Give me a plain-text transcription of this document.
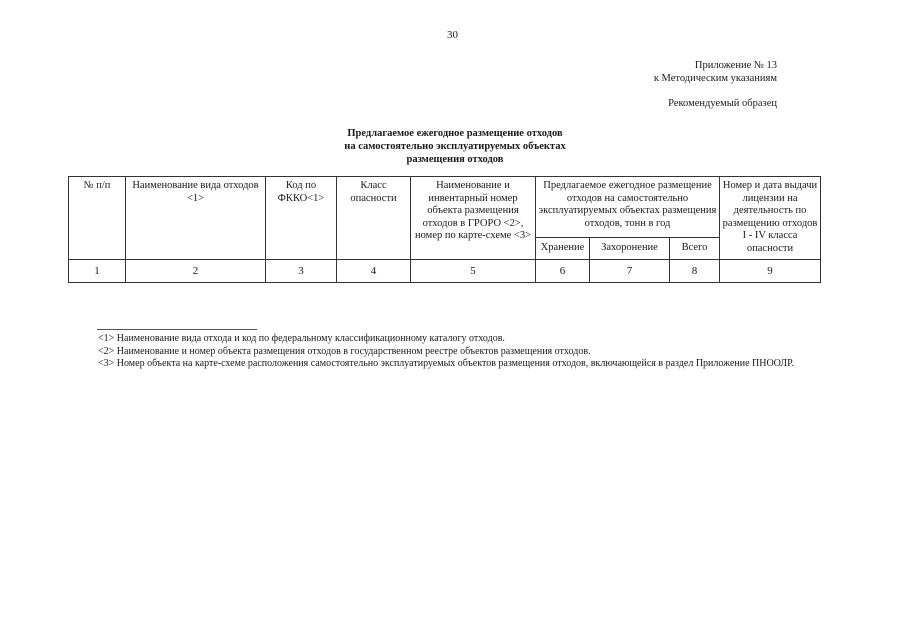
30
Приложение № 13
к Методическим указаниям
Рекомендуемый образец
Предлагаемое ежегодное размещение отходов
на самостоятельно эксплуатируемых объектах
размещения отходов
№ п/п	Наименование вида отходов <1>	Код по ФККО<1>	Класс опасности	Наименование и инвентарный номер объекта размещения отходов в ГРОРО <2>, номер по карте-схеме <3>	Предлагаемое ежегодное размещение отходов на самостоятельно эксплуатируемых объектах размещения отходов, тонн в год			Номер и дата выдачи лицензии на деятельность по размещению отходов I - IV класса опасности
					Хранение	Захоронение	Всего	
1	2	3	4	5	6	7	8	9

<1> Наименование вида отхода и код по федеральному классификационному каталогу отходов.

<2> Наименование и номер объекта размещения отходов в государственном реестре объектов размещения отходов.

<3> Номер объекта на карте-схеме расположения самостоятельно эксплуатируемых объектов размещения отходов, включающейся в раздел Приложение ПНООЛР.
